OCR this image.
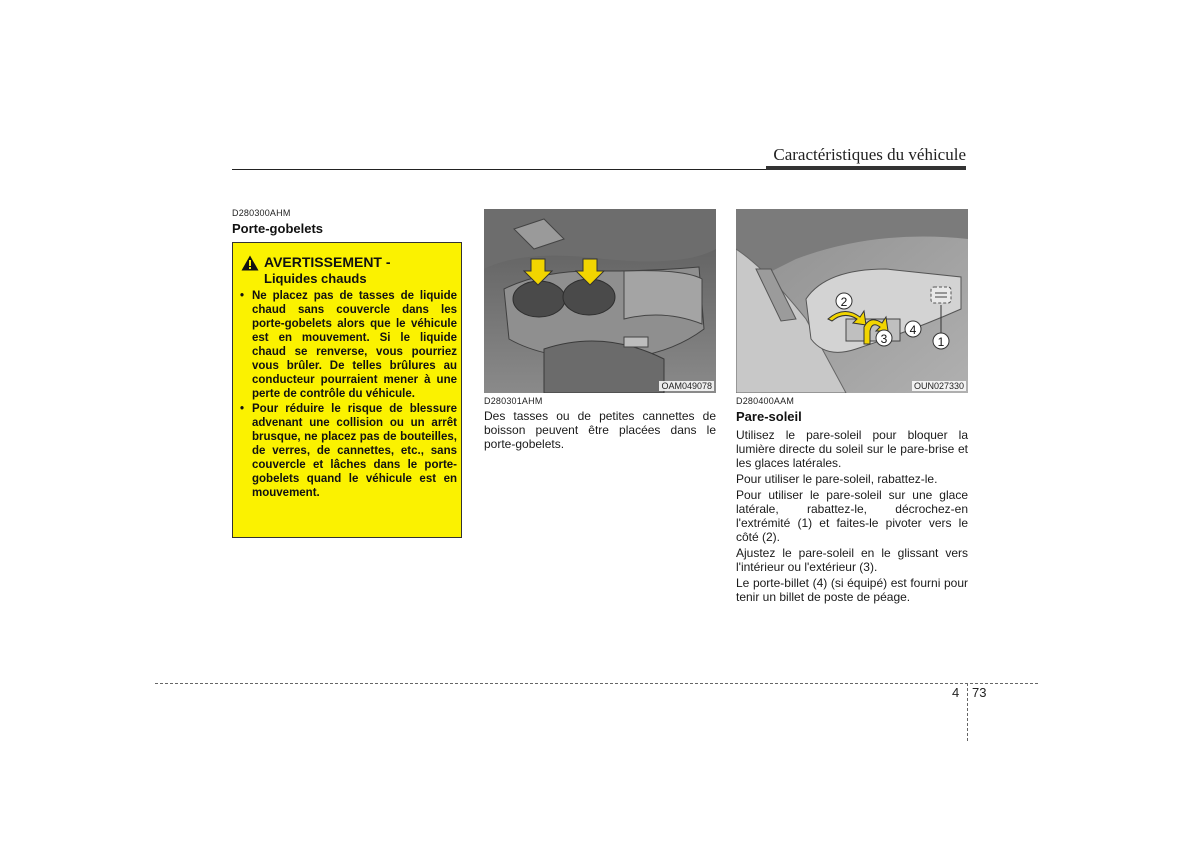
Caractéristiques du véhicule
D280300AHM
Porte-gobelets
AVERTISSEMENT -
Liquides chauds
• Ne placez pas de tasses de liquide chaud sans couvercle dans les porte-gobelets alors que le véhicule est en mouvement. Si le liquide chaud se renverse, vous pourriez vous brûler. De telles brûlures au conducteur pourraient mener à une perte de contrôle du véhicule.
• Pour réduire le risque de blessure advenant une collision ou un arrêt brusque, ne placez pas de bouteilles, de verres, de cannettes, etc., sans couvercle et lâches dans le porte-gobelets quand le véhicule est en mouvement.
OAM049078
D280301AHM
Des tasses ou de petites cannettes de boisson peuvent être placées dans le porte-gobelets.
1
2
3
4
OUN027330
D280400AAM
Pare-soleil

Utilisez le pare-soleil pour bloquer la lumière directe du soleil sur le pare-brise et les glaces latérales.

Pour utiliser le pare-soleil, rabattez-le.

Pour utiliser le pare-soleil sur une glace latérale, rabattez-le, décrochez-en l'extrémité (1) et faites-le pivoter vers le côté (2).

Ajustez le pare-soleil en le glissant vers l'intérieur ou l'extérieur (3).

Le porte-billet (4) (si équipé) est fourni pour tenir un billet de poste de péage.

4 73
